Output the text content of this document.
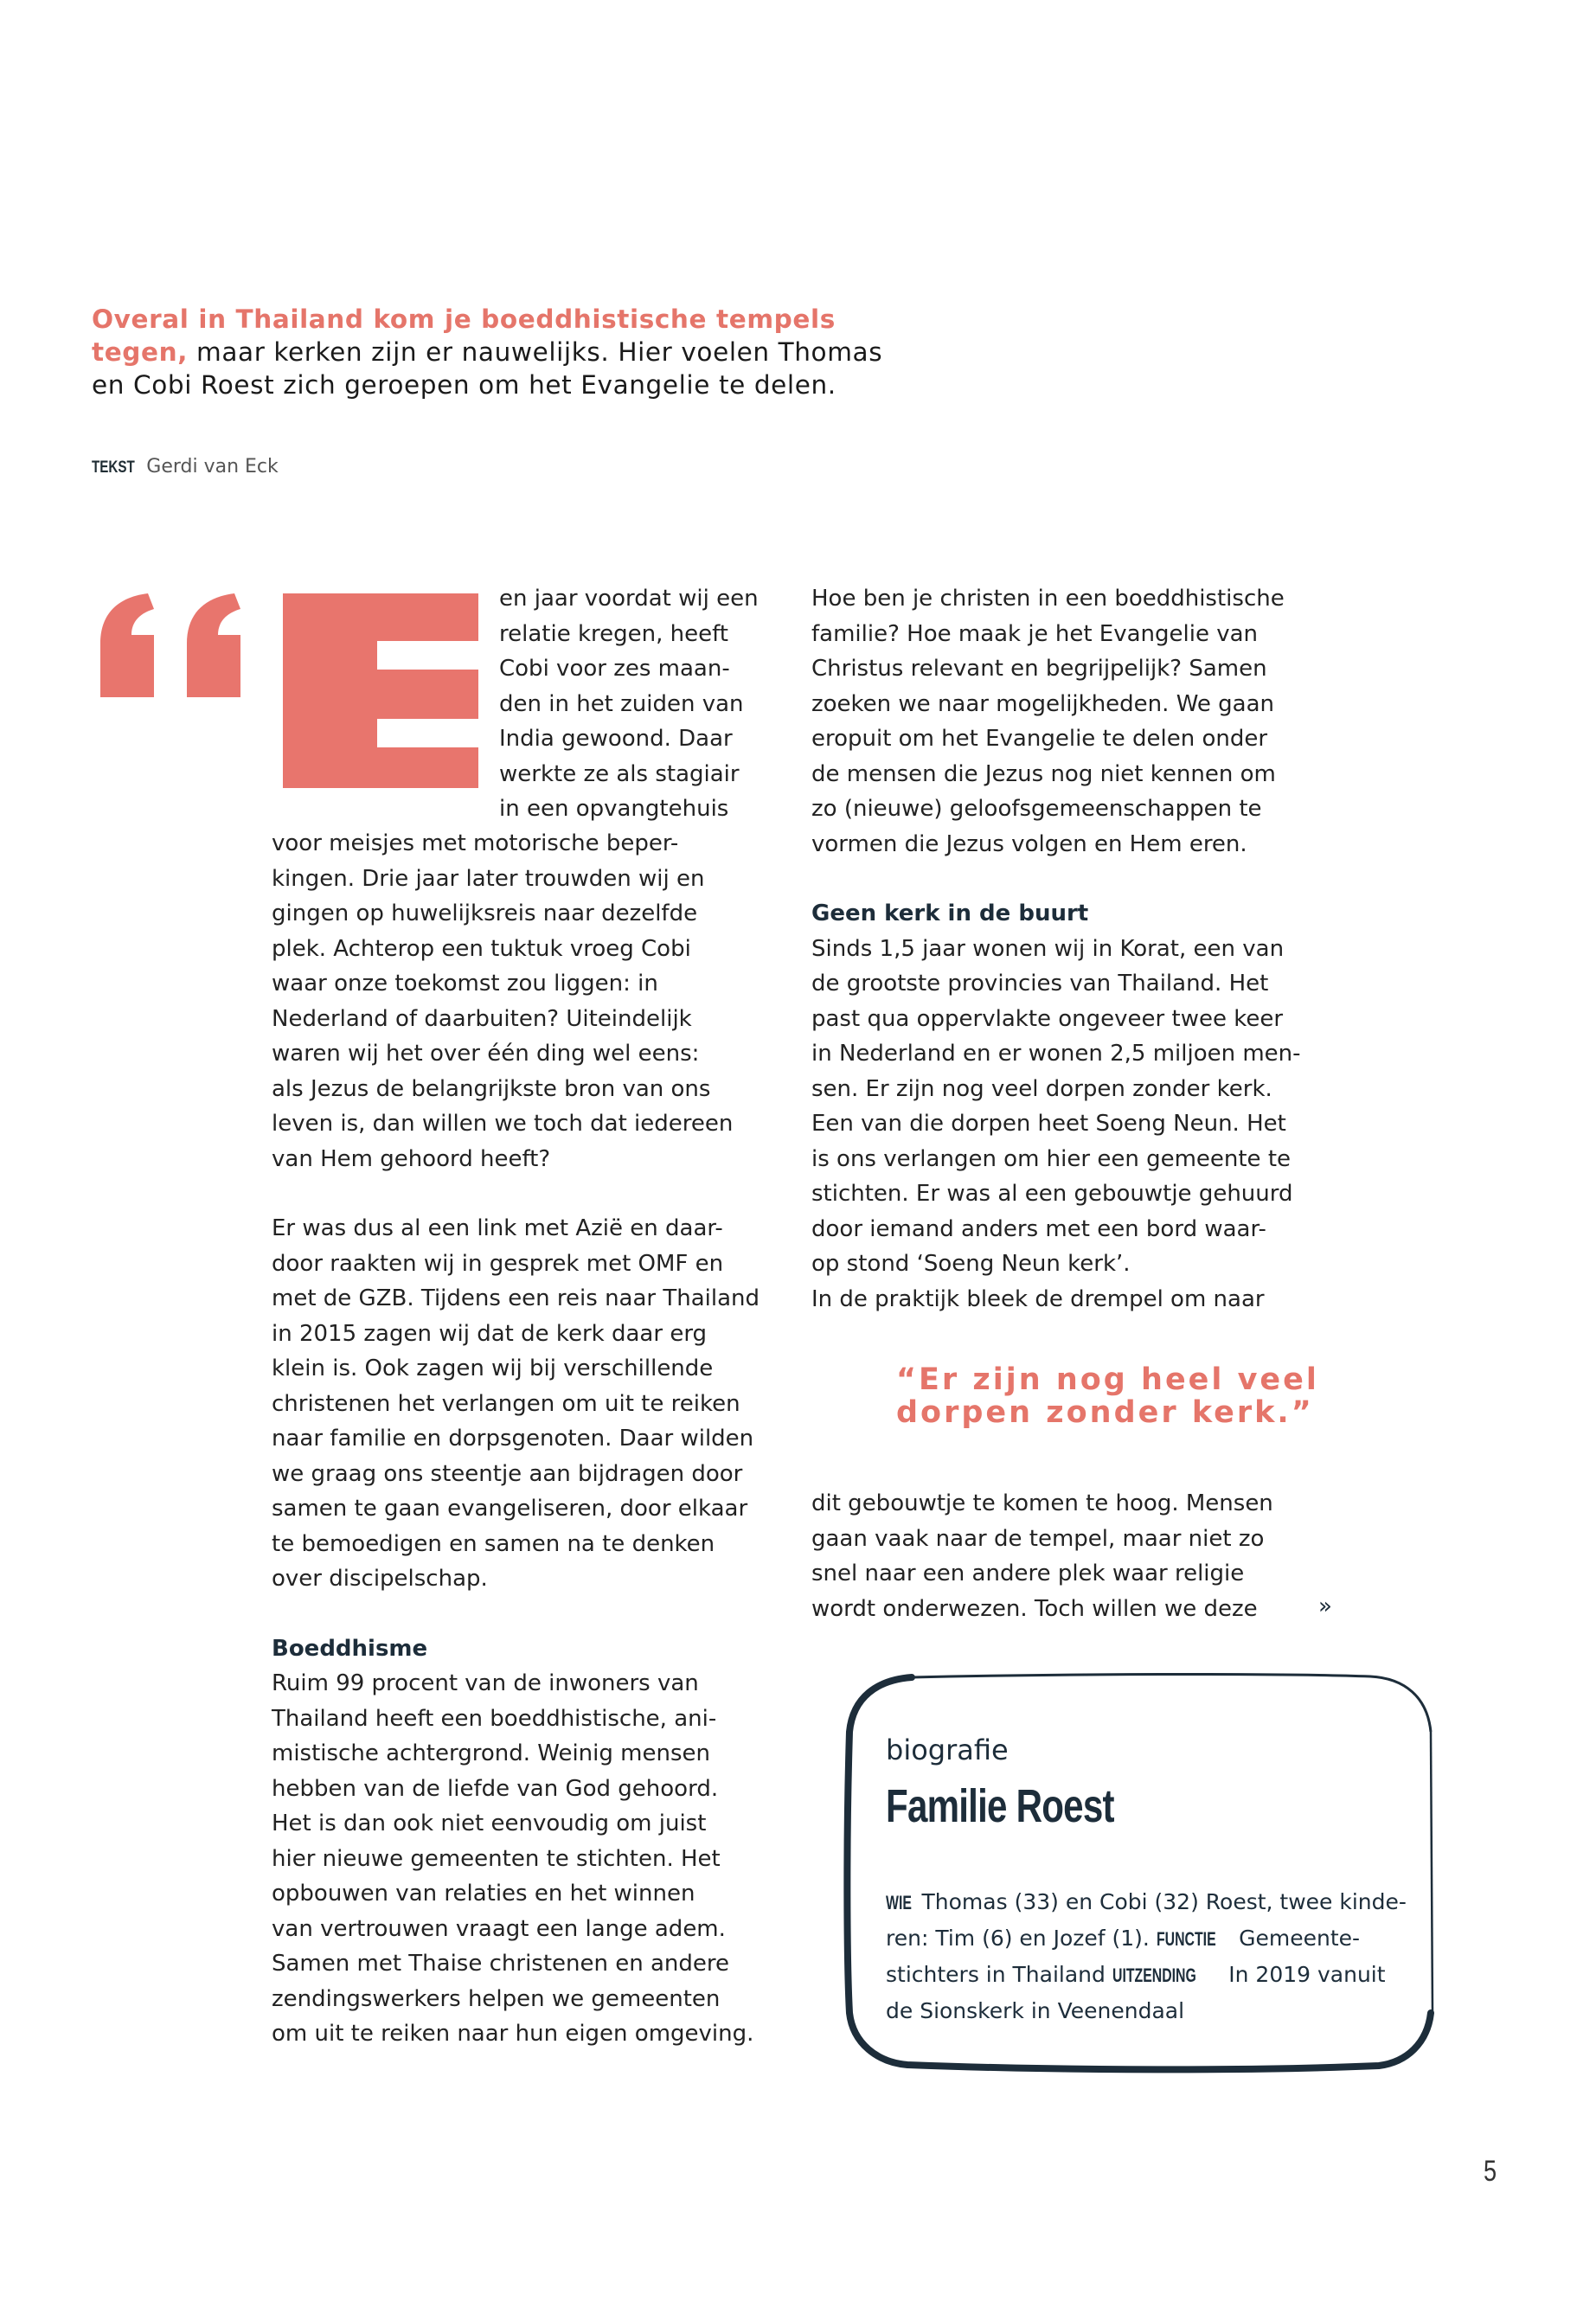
Overal in Thailand kom je boeddhistische tempels tegen, maar kerken zijn er nauwelijks. Hier voelen Thomas en Cobi Roest zich geroepen om het Evangelie te delen.
TEKST Gerdi van Eck

en jaar voordat wij een
relatie kregen, heeft
Cobi voor zes maan-
den in het zuiden van
India gewoond. Daar
werkte ze als stagiair
in een opvangtehuis

voor meisjes met motorische beper-
kingen. Drie jaar later trouwden wij en
gingen op huwelijksreis naar dezelfde
plek. Achterop een tuktuk vroeg Cobi
waar onze toekomst zou liggen: in
Nederland of daarbuiten? Uiteindelijk
waren wij het over één ding wel eens:
als Jezus de belangrijkste bron van ons
leven is, dan willen we toch dat iedereen
van Hem gehoord heeft?

Er was dus al een link met Azië en daar-
door raakten wij in gesprek met OMF en
met de GZB. Tijdens een reis naar Thailand
in 2015 zagen wij dat de kerk daar erg
klein is. Ook zagen wij bij verschillende
christenen het verlangen om uit te reiken
naar familie en dorpsgenoten. Daar wilden
we graag ons steentje aan bijdragen door
samen te gaan evangeliseren, door elkaar
te bemoedigen en samen na te denken
over discipelschap.

Boeddhisme

Ruim 99 procent van de inwoners van
Thailand heeft een boeddhistische, ani-
mistische achtergrond. Weinig mensen
hebben van de liefde van God gehoord.
Het is dan ook niet eenvoudig om juist
hier nieuwe gemeenten te stichten. Het
opbouwen van relaties en het winnen
van vertrouwen vraagt een lange adem.
Samen met Thaise christenen en andere
zendingswerkers helpen we gemeenten
om uit te reiken naar hun eigen omgeving.

Hoe ben je christen in een boeddhistische
familie? Hoe maak je het Evangelie van
Christus relevant en begrijpelijk? Samen
zoeken we naar mogelijkheden. We gaan
eropuit om het Evangelie te delen onder
de mensen die Jezus nog niet kennen om
zo (nieuwe) geloofsgemeenschappen te
vormen die Jezus volgen en Hem eren.

Geen kerk in de buurt

Sinds 1,5 jaar wonen wij in Korat, een van
de grootste provincies van Thailand. Het
past qua oppervlakte ongeveer twee keer
in Nederland en er wonen 2,5 miljoen men-
sen. Er zijn nog veel dorpen zonder kerk.
Een van die dorpen heet Soeng Neun. Het
is ons verlangen om hier een gemeente te
stichten. Er was al een gebouwtje gehuurd
door iemand anders met een bord waar-
op stond ‘Soeng Neun kerk’.
In de praktijk bleek de drempel om naar

“Er zijn nog heel veel
dorpen zonder kerk.”

dit gebouwtje te komen te hoog. Mensen
gaan vaak naar de tempel, maar niet zo
snel naar een andere plek waar religie
wordt onderwezen. Toch willen we deze	»
biografie
Familie Roest
WIE Thomas (33) en Cobi (32) Roest, twee kinde-ren: Tim (6) en Jozef (1). FUNCTIE Gemeente-stichters in Thailand UITZENDING In 2019 vanuit de Sionskerk in Veenendaal
5
